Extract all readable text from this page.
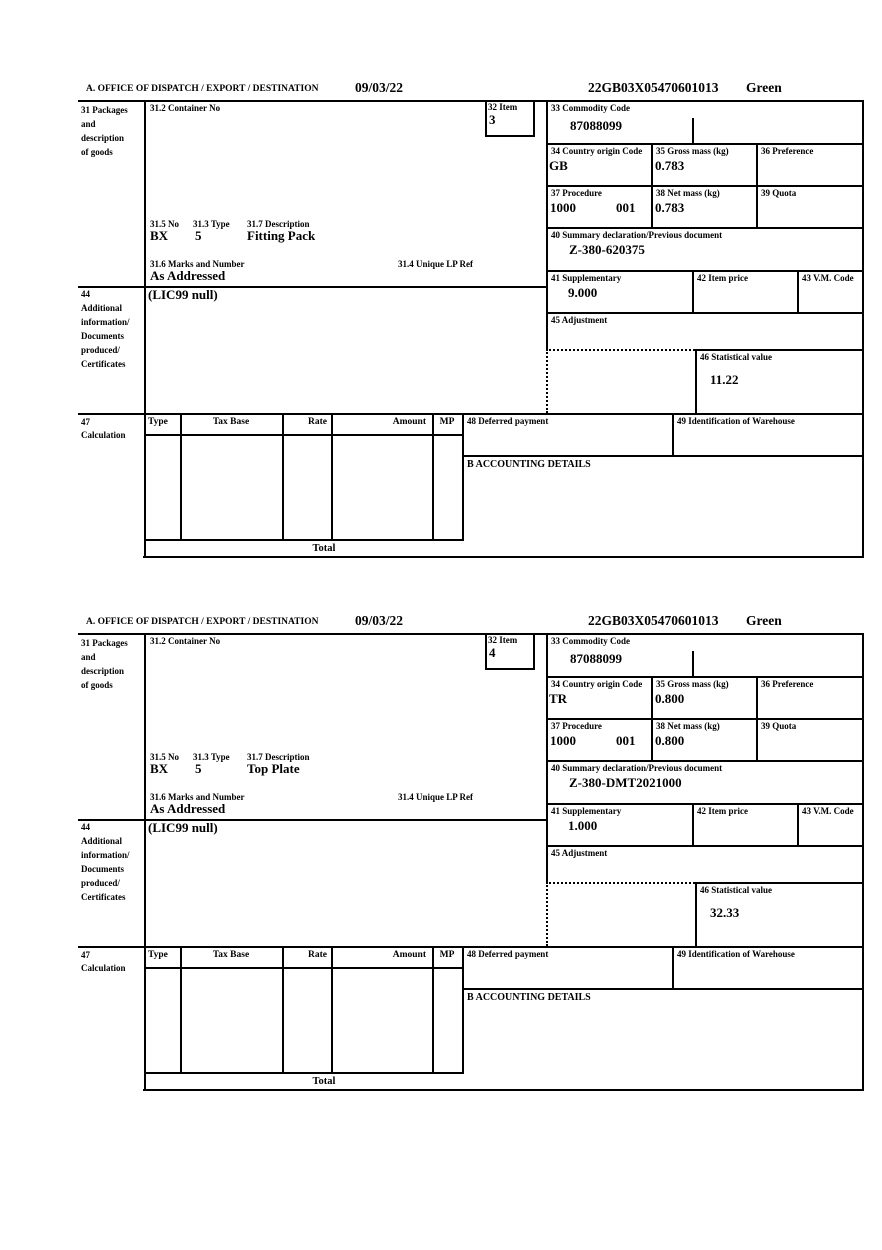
A. OFFICE OF DISPATCH / EXPORT / DESTINATION	09/03/22	22GB03X05470601013 Green
31 Packages
and
description
of goods
31.2 Container No	32 Item
3
33 Commodity Code
87088099
34 Country origin Code
GB
35 Gross mass (kg)
0.783
36 Preference
37 Procedure
1000	001
38 Net mass (kg)
0.783
39 Quota
40 Summary declaration/Previous document
Z-380-620375
41 Supplementary
9.000
42 Item price	43 V.M. Code
45 Adjustment
46 Statistical value
11.22
31.5 No 31.3 Type 31.7 Description
BX 5	Fitting Pack
31.6 Marks and Number	31.4 Unique LP Ref
As Addressed
44
Additional
information/
Documents
produced/
Certificates
(LIC99 null)
47
Calculation
Type	Tax Base	Rate	Amount	MP	48 Deferred payment	49 Identification of Warehouse
B ACCOUNTING DETAILS
Total
A. OFFICE OF DISPATCH / EXPORT / DESTINATION	09/03/22	22GB03X05470601013 Green
31 Packages
and
description
of goods
31.2 Container No	32 Item
4
33 Commodity Code
87088099
34 Country origin Code
TR
35 Gross mass (kg)
0.800
36 Preference
37 Procedure
1000	001
38 Net mass (kg)
0.800
39 Quota
40 Summary declaration/Previous document
Z-380-DMT2021000
41 Supplementary
1.000
42 Item price	43 V.M. Code
45 Adjustment
46 Statistical value
32.33
31.5 No 31.3 Type 31.7 Description
BX 5	Top Plate
31.6 Marks and Number	31.4 Unique LP Ref
As Addressed
44
Additional
information/
Documents
produced/
Certificates
(LIC99 null)
47
Calculation
Type	Tax Base	Rate	Amount	MP	48 Deferred payment	49 Identification of Warehouse
B ACCOUNTING DETAILS
Total
